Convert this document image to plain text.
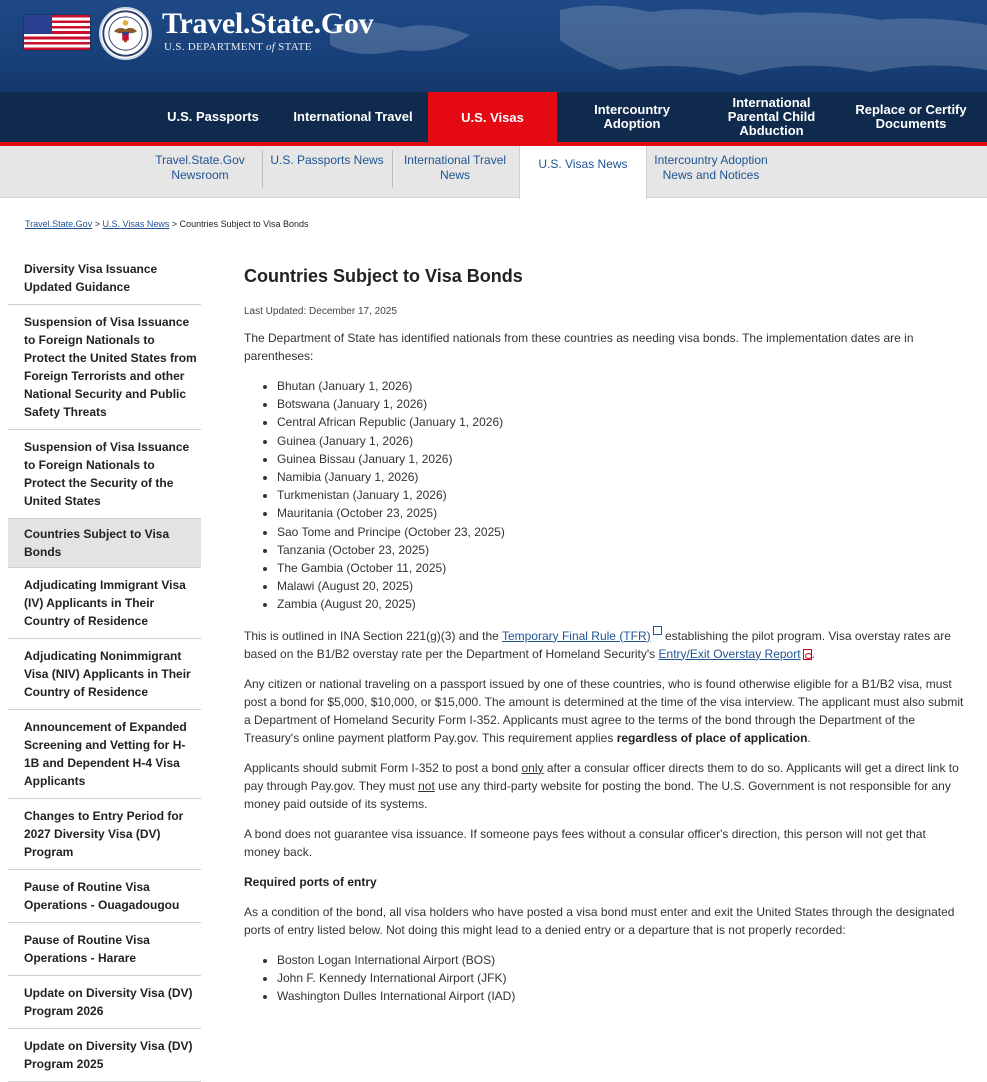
Travel.State.Gov
U.S. DEPARTMENT of STATE
U.S. Passports	International Travel	U.S. Visas	Intercountry Adoption
International Parental Child Abduction
Replace or Certify Documents
Travel.State.Gov Newsroom
U.S. Passports News	International Travel News
U.S. Visas News	Intercountry Adoption News and Notices
Travel.State.Gov > U.S. Visas News > Countries Subject to Visa Bonds
Diversity Visa Issuance Updated Guidance
Suspension of Visa Issuance to Foreign Nationals to Protect the United States from Foreign Terrorists and other National Security and Public Safety Threats
Suspension of Visa Issuance to Foreign Nationals to Protect the Security of the United States
Countries Subject to Visa Bonds
Adjudicating Immigrant Visa (IV) Applicants in Their Country of Residence
Adjudicating Nonimmigrant Visa (NIV) Applicants in Their Country of Residence
Announcement of Expanded Screening and Vetting for H-1B and Dependent H-4 Visa Applicants
Changes to Entry Period for 2027 Diversity Visa (DV) Program
Pause of Routine Visa Operations - Ouagadougou
Pause of Routine Visa Operations - Harare
Update on Diversity Visa (DV) Program 2026
Update on Diversity Visa (DV) Program 2025
Countries Subject to Visa Bonds
Last Updated: December 17, 2025

The Department of State has identified nationals from these countries as needing visa bonds. The implementation dates are in parentheses:

• Bhutan (January 1, 2026)
• Botswana (January 1, 2026)
• Central African Republic (January 1, 2026)
• Guinea (January 1, 2026)
• Guinea Bissau (January 1, 2026)
• Namibia (January 1, 2026)
• Turkmenistan (January 1, 2026)
• Mauritania (October 23, 2025)
• Sao Tome and Principe (October 23, 2025)
• Tanzania (October 23, 2025)
• The Gambia (October 11, 2025)
• Malawi (August 20, 2025)
• Zambia (August 20, 2025)

This is outlined in INA Section 221(g)(3) and the Temporary Final Rule (TFR) establishing the pilot program. Visa overstay rates are based on the B1/B2 overstay rate per the Department of Homeland Security's Entry/Exit Overstay Report .

Any citizen or national traveling on a passport issued by one of these countries, who is found otherwise eligible for a B1/B2 visa, must post a bond for $5,000, $10,000, or $15,000. The amount is determined at the time of the visa interview. The applicant must also submit a Department of Homeland Security Form I-352. Applicants must agree to the terms of the bond through the Department of the Treasury's online payment platform Pay.gov. This requirement applies regardless of place of application.

Applicants should submit Form I-352 to post a bond only after a consular officer directs them to do so. Applicants will get a direct link to pay through Pay.gov. They must not use any third-party website for posting the bond. The U.S. Government is not responsible for any money paid outside of its systems.

A bond does not guarantee visa issuance. If someone pays fees without a consular officer's direction, this person will not get that money back.

Required ports of entry

As a condition of the bond, all visa holders who have posted a visa bond must enter and exit the United States through the designated ports of entry listed below. Not doing this might lead to a denied entry or a departure that is not properly recorded:

• Boston Logan International Airport (BOS)
• John F. Kennedy International Airport (JFK)
• Washington Dulles International Airport (IAD)
